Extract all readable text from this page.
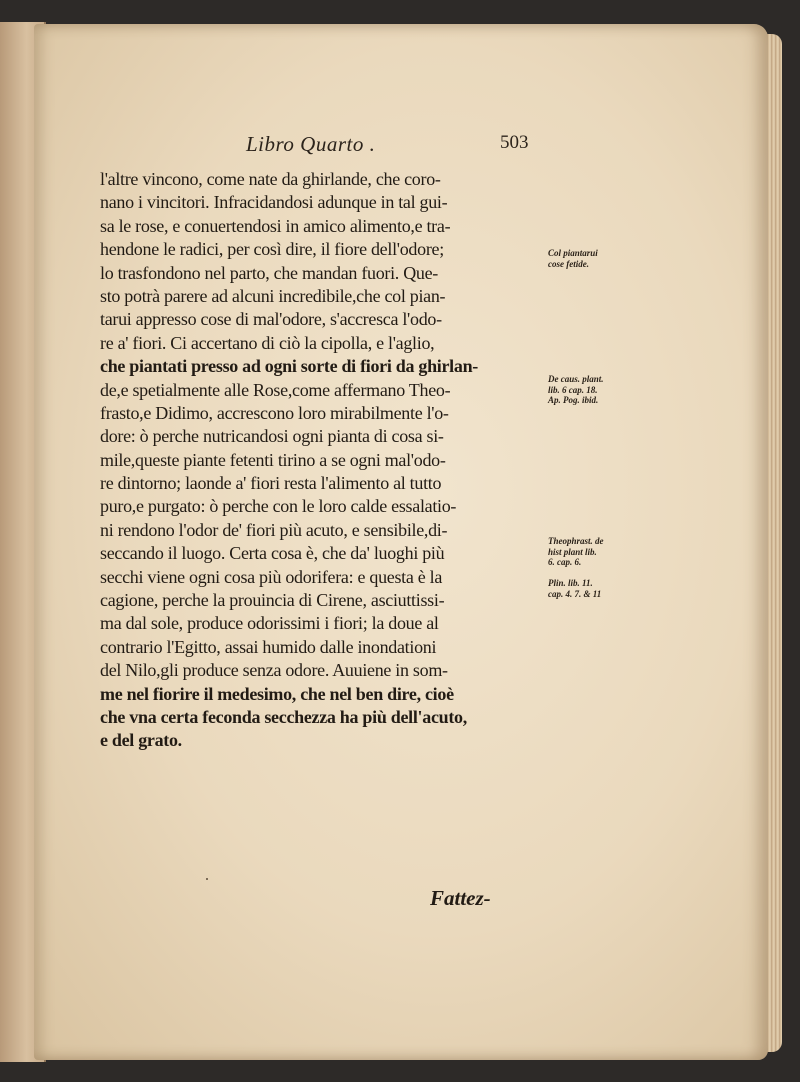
Libro Quarto .	503
l'altre vincono, come nate da ghirlande, che coro-
nano i vincitori. Infracidandosi adunque in tal gui-
sa le rose, e conuertendosi in amico alimento,e tra-
hendone le radici, per così dire, il fiore dell'odore;
lo trasfondono nel parto, che mandan fuori. Que-
sto potrà parere ad alcuni incredibile,che col pian-
tarui appresso cose di mal'odore, s'accresca l'odo-
re a' fiori. Ci accertano di ciò la cipolla, e l'aglio,
che piantati presso ad ogni sorte di fiori da ghirlan-
de,e spetialmente alle Rose,come affermano Theo-
frasto,e Didimo, accrescono loro mirabilmente l'o-
dore: ò perche nutricandosi ogni pianta di cosa si-
mile,queste piante fetenti tirino a se ogni mal'odo-
re dintorno; laonde a' fiori resta l'alimento al tutto
puro,e purgato: ò perche con le loro calde essalatio-
ni rendono l'odor de' fiori più acuto, e sensibile,di-
seccando il luogo. Certa cosa è, che da' luoghi più
secchi viene ogni cosa più odorifera: e questa è la
cagione, perche la prouincia di Cirene, asciuttissi-
ma dal sole, produce odorissimi i fiori; la doue al
contrario l'Egitto, assai humido dalle inondationi
del Nilo,gli produce senza odore. Auuiene in som-
me nel fiorire il medesimo, che nel ben dire, cioè
che vna certa feconda secchezza ha più dell'acuto,
e del grato.
Col piantarui
cose fetide.
De caus. plant.
lib. 6 cap. 18.
Ap. Pog. ibid.
Theophrast. de
hist plant lib.
6. cap. 6.
Plin. lib. 11.
cap. 4. 7. & 11
Fattez-
